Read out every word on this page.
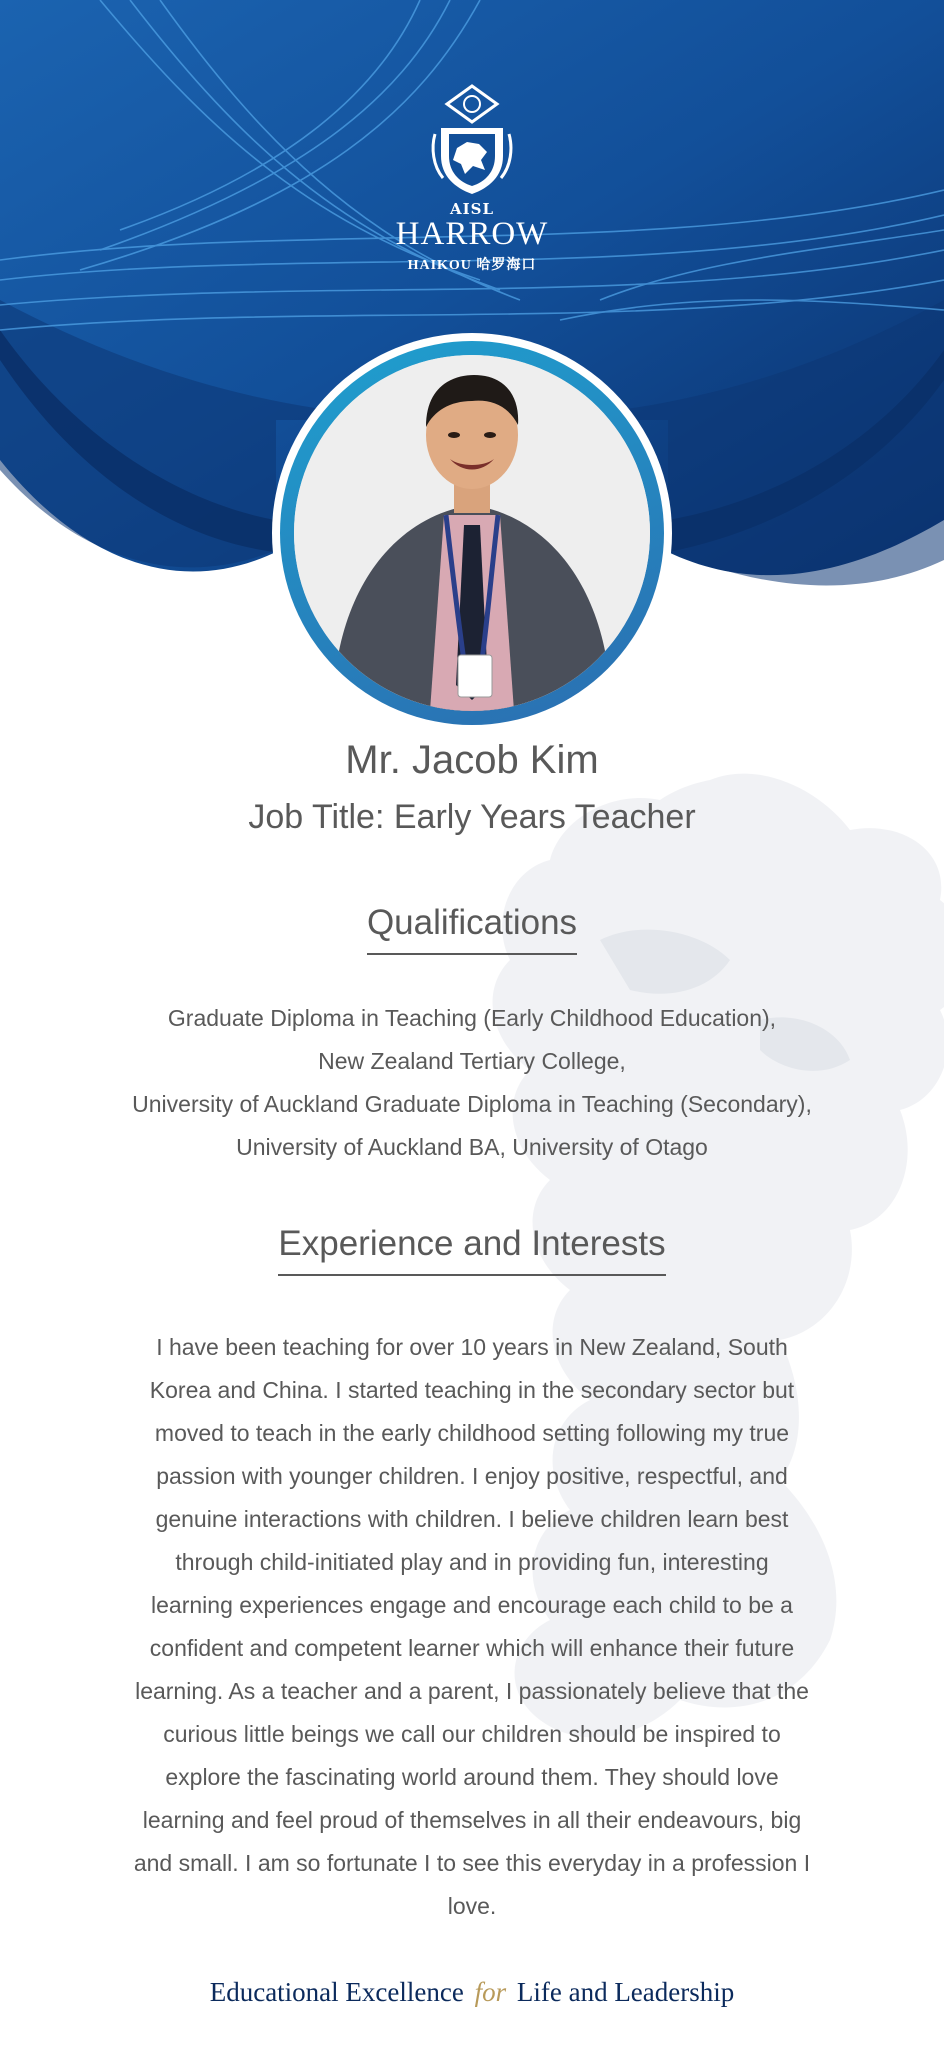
AISL
HARROW
HAIKOU 哈罗海口
Mr. Jacob Kim
Job Title: Early Years Teacher
Qualifications
Graduate Diploma in Teaching (Early Childhood Education),
New Zealand Tertiary College,
University of Auckland Graduate Diploma in Teaching (Secondary),
University of Auckland BA, University of Otago
Experience and Interests
I have been teaching for over 10 years in New Zealand, South Korea and China. I started teaching in the secondary sector but moved to teach in the early childhood setting following my true passion with younger children. I enjoy positive, respectful, and genuine interactions with children. I believe children learn best through child-initiated play and in providing fun, interesting learning experiences engage and encourage each child to be a confident and competent learner which will enhance their future learning. As a teacher and a parent, I passionately believe that the curious little beings we call our children should be inspired to explore the fascinating world around them. They should love learning and feel proud of themselves in all their endeavours, big and small. I am so fortunate I to see this everyday in a profession I love.
Educational Excellence for Life and Leadership
